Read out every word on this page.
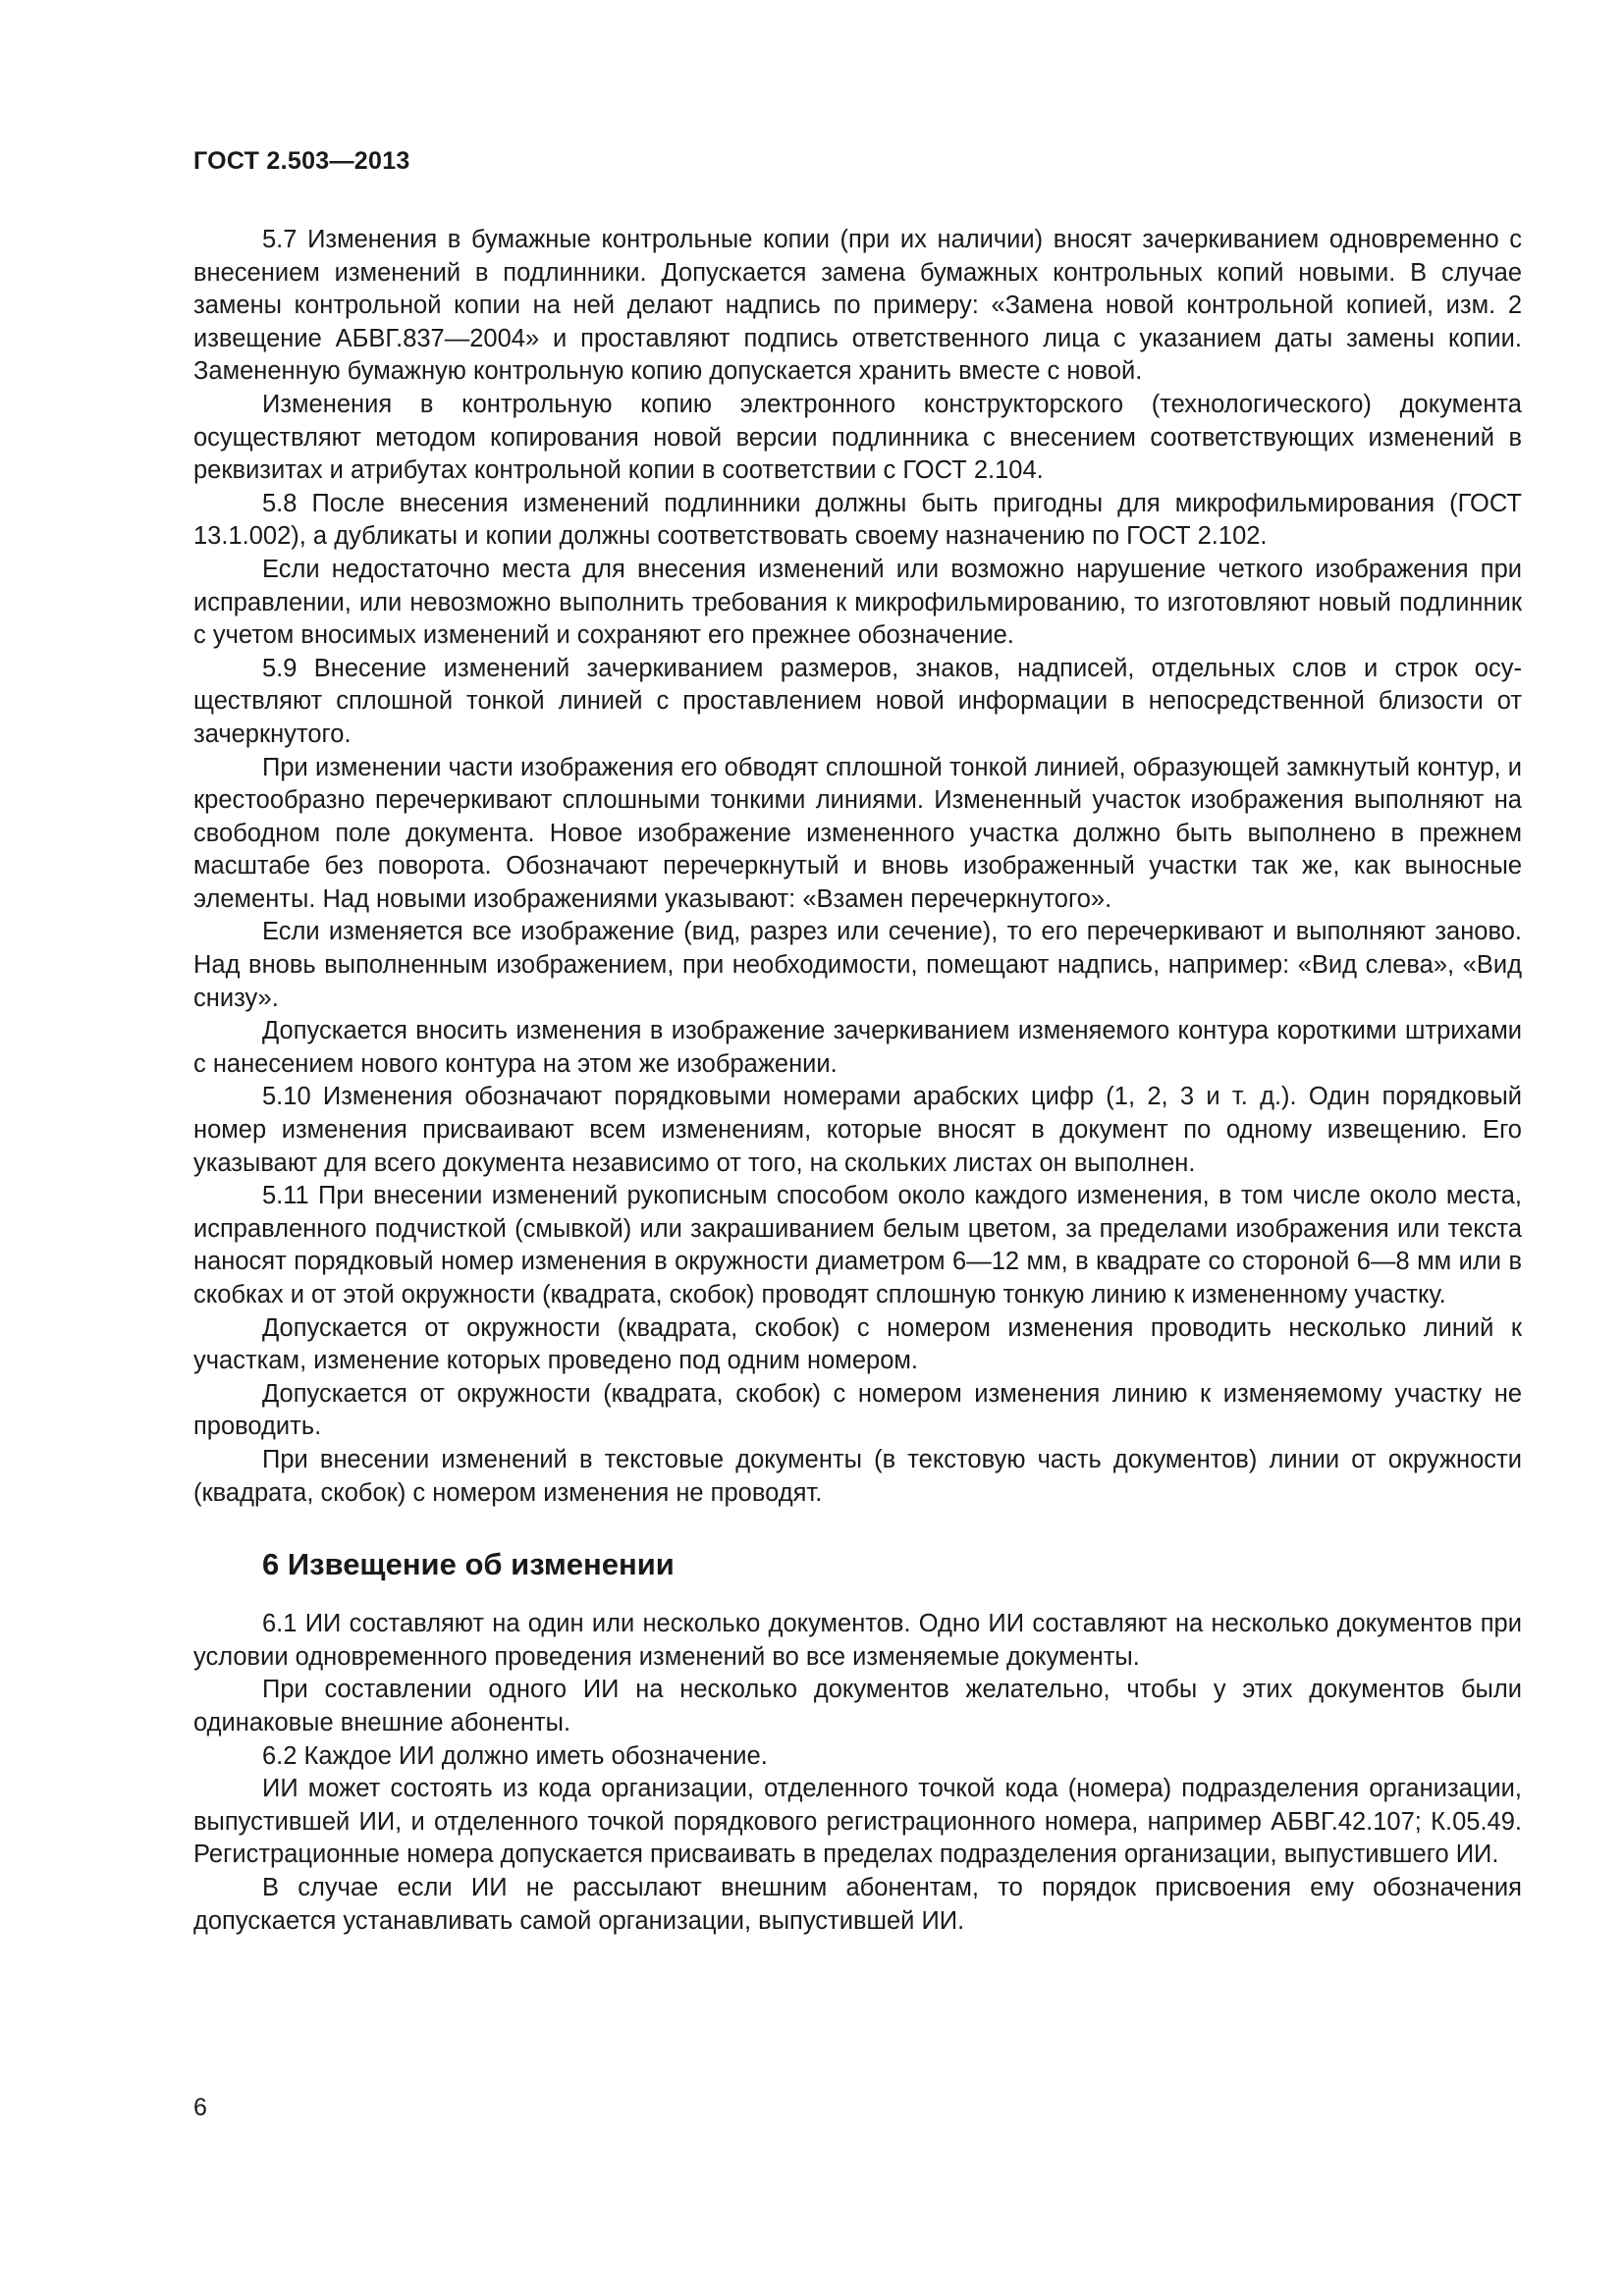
ГОСТ 2.503—2013

5.7 Изменения в бумажные контрольные копии (при их наличии) вносят зачеркиванием одновременно с внесением изменений в подлинники. Допускается замена бумажных контрольных копий новыми. В случае замены контрольной копии на ней делают надпись по примеру: «Замена новой контрольной копией, изм. 2 извещение АБВГ.837—2004» и проставляют подпись ответственного лица с указанием даты замены копии. Замененную бумажную контрольную копию допускается хранить вместе с новой.

Изменения в контрольную копию электронного конструкторского (технологического) документа осуществляют методом копирования новой версии подлинника с внесением соответствующих изменений в реквизитах и атрибутах контрольной копии в соответствии с ГОСТ 2.104.

5.8 После внесения изменений подлинники должны быть пригодны для микрофильмирования (ГОСТ 13.1.002), а дубликаты и копии должны соответствовать своему назначению по ГОСТ 2.102.

Если недостаточно места для внесения изменений или возможно нарушение четкого изображения при исправлении, или невозможно выполнить требования к микрофильмированию, то изготовляют новый подлинник с учетом вносимых изменений и сохраняют его прежнее обозначение.

5.9 Внесение изменений зачеркиванием размеров, знаков, надписей, отдельных слов и строк осуществляют сплошной тонкой линией с проставлением новой информации в непосредственной близости от зачеркнутого.

При изменении части изображения его обводят сплошной тонкой линией, образующей замкнутый контур, и крестообразно перечеркивают сплошными тонкими линиями. Измененный участок изображения выполняют на свободном поле документа. Новое изображение измененного участка должно быть выполнено в прежнем масштабе без поворота. Обозначают перечеркнутый и вновь изображенный участки так же, как выносные элементы. Над новыми изображениями указывают: «Взамен перечеркнутого».

Если изменяется все изображение (вид, разрез или сечение), то его перечеркивают и выполняют заново. Над вновь выполненным изображением, при необходимости, помещают надпись, например: «Вид слева», «Вид снизу».

Допускается вносить изменения в изображение зачеркиванием изменяемого контура короткими штрихами с нанесением нового контура на этом же изображении.

5.10 Изменения обозначают порядковыми номерами арабских цифр (1, 2, 3 и т. д.). Один порядковый номер изменения присваивают всем изменениям, которые вносят в документ по одному извещению. Его указывают для всего документа независимо от того, на скольких листах он выполнен.

5.11 При внесении изменений рукописным способом около каждого изменения, в том числе около места, исправленного подчисткой (смывкой) или закрашиванием белым цветом, за пределами изображения или текста наносят порядковый номер изменения в окружности диаметром 6—12 мм, в квадрате со стороной 6—8 мм или в скобках и от этой окружности (квадрата, скобок) проводят сплошную тонкую линию к измененному участку.

Допускается от окружности (квадрата, скобок) с номером изменения проводить несколько линий к участкам, изменение которых проведено под одним номером.

Допускается от окружности (квадрата, скобок) с номером изменения линию к изменяемому участку не проводить.

При внесении изменений в текстовые документы (в текстовую часть документов) линии от окружности (квадрата, скобок) с номером изменения не проводят.

6 Извещение об изменении

6.1 ИИ составляют на один или несколько документов. Одно ИИ составляют на несколько документов при условии одновременного проведения изменений во все изменяемые документы.

При составлении одного ИИ на несколько документов желательно, чтобы у этих документов были одинаковые внешние абоненты.

6.2 Каждое ИИ должно иметь обозначение.

ИИ может состоять из кода организации, отделенного точкой кода (номера) подразделения организации, выпустившей ИИ, и отделенного точкой порядкового регистрационного номера, например АБВГ.42.107; К.05.49. Регистрационные номера допускается присваивать в пределах подразделения организации, выпустившего ИИ.

В случае если ИИ не рассылают внешним абонентам, то порядок присвоения ему обозначения допускается устанавливать самой организации, выпустившей ИИ.

6
